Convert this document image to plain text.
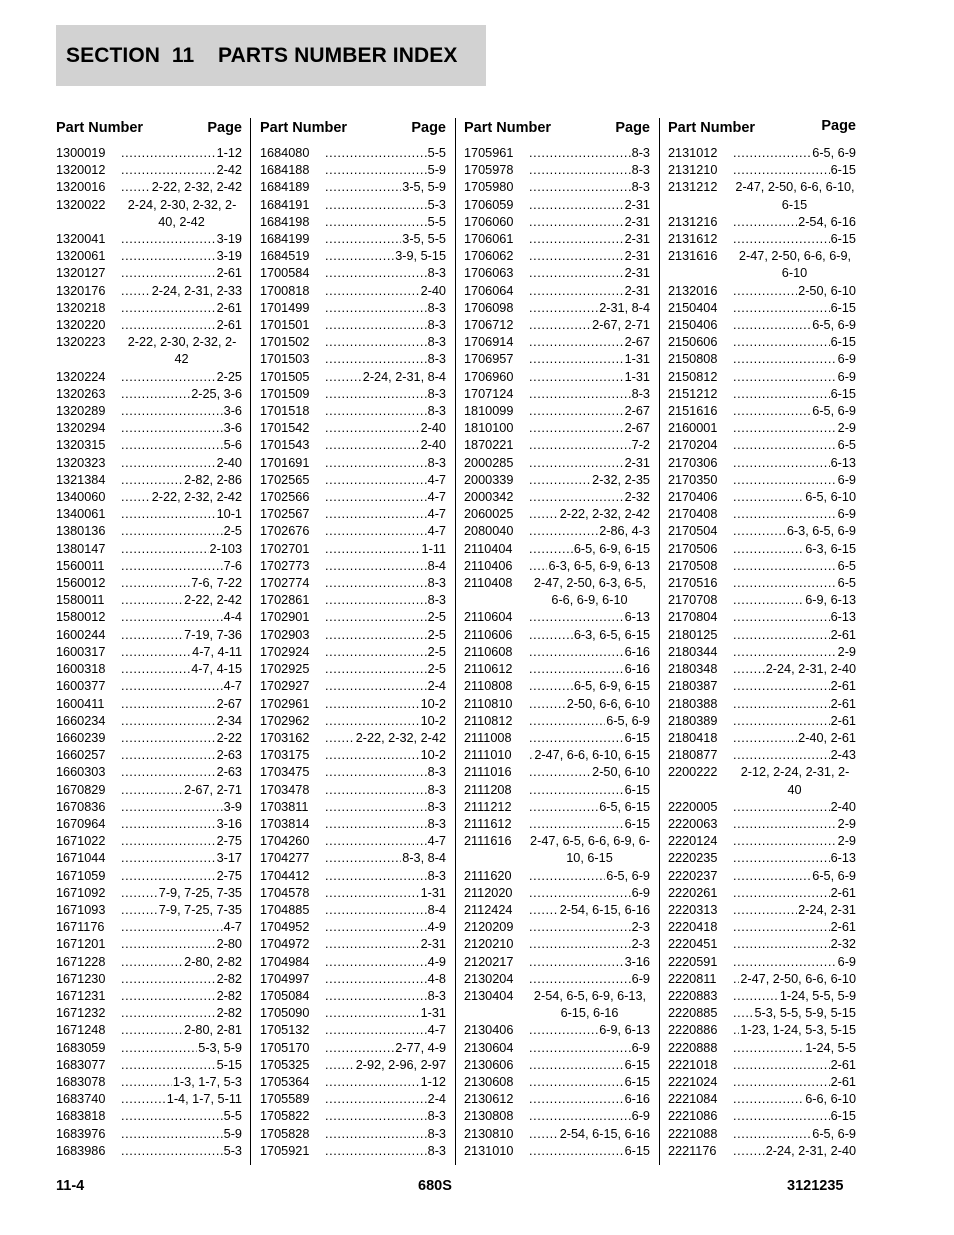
SECTION  11    PARTS NUMBER INDEX
Part Number	Page
1300019 .....	1-12
1320012 .....	2-42
1320016 .....	2-22, 2-32, 2-42
1320022	2-24, 2-30, 2-32, 2-40, 2-42
1320041 .....	3-19
1320061 .....	3-19
1320127 .....	2-61
1320176 .....	2-24, 2-31, 2-33
1320218 .....	2-61
1320220 .....	2-61
1320223	2-22, 2-30, 2-32, 2-42
1320224 .....	2-25
1320263 .....	2-25, 3-6
1320289 .....	3-6
1320294 .....	3-6
1320315 .....	5-6
1320323 .....	2-40
1321384 .....	2-82, 2-86
1340060 .....	2-22, 2-32, 2-42
1340061 .....	10-1
1380136 .....	2-5
1380147 .....	2-103
1560011 .....	7-6
1560012 .....	7-6, 7-22
1580011 .....	2-22, 2-42
1580012 .....	4-4
1600244 .....	7-19, 7-36
1600317 .....	4-7, 4-11
1600318 .....	4-7, 4-15
1600377 .....	4-7
1600411 .....	2-67
1660234 .....	2-34
1660239 .....	2-22
1660257 .....	2-63
1660303 .....	2-63
1670829 .....	2-67, 2-71
1670836 .....	3-9
1670964 .....	3-16
1671022 .....	2-75
1671044 .....	3-17
1671059 .....	2-75
1671092 .....	7-9, 7-25, 7-35
1671093 .....	7-9, 7-25, 7-35
1671176 .....	4-7
1671201 .....	2-80
1671228 .....	2-80, 2-82
1671230 .....	2-82
1671231 .....	2-82
1671232 .....	2-82
1671248 .....	2-80, 2-81
1683059 .....	5-3, 5-9
1683077 .....	5-15
1683078 .....	1-3, 1-7, 5-3
1683740 .....	1-4, 1-7, 5-11
1683818 .....	5-5
1683976 .....	5-9
1683986 .....	5-3
Part Number	Page
1684080 .....	5-5
1684188 .....	5-9
1684189 .....	3-5, 5-9
1684191 .....	5-3
1684198 .....	5-5
1684199 .....	3-5, 5-5
1684519 .....	3-9, 5-15
1700584 .....	8-3
1700818 .....	2-40
1701499 .....	8-3
1701501 .....	8-3
1701502 .....	8-3
1701503 .....	8-3
1701505 .....	2-24, 2-31, 8-4
1701509 .....	8-3
1701518 .....	8-3
1701542 .....	2-40
1701543 .....	2-40
1701691 .....	8-3
1702565 .....	4-7
1702566 .....	4-7
1702567 .....	4-7
1702676 .....	4-7
1702701 .....	1-11
1702773 .....	8-4
1702774 .....	8-3
1702861 .....	8-3
1702901 .....	2-5
1702903 .....	2-5
1702924 .....	2-5
1702925 .....	2-5
1702927 .....	2-4
1702961 .....	10-2
1702962 .....	10-2
1703162 .....	2-22, 2-32, 2-42
1703175 .....	10-2
1703475 .....	8-3
1703478 .....	8-3
1703811 .....	8-3
1703814 .....	8-3
1704260 .....	4-7
1704277 .....	8-3, 8-4
1704412 .....	8-3
1704578 .....	1-31
1704885 .....	8-4
1704952 .....	4-9
1704972 .....	2-31
1704984 .....	4-9
1704997 .....	4-8
1705084 .....	8-3
1705090 .....	1-31
1705132 .....	4-7
1705170 .....	2-77, 4-9
1705325 .....	2-92, 2-96, 2-97
1705364 .....	1-12
1705589 .....	2-4
1705822 .....	8-3
1705828 .....	8-3
1705921 .....	8-3
Part Number	Page
1705961 .....	8-3
1705978 .....	8-3
1705980 .....	8-3
1706059 .....	2-31
1706060 .....	2-31
1706061 .....	2-31
1706062 .....	2-31
1706063 .....	2-31
1706064 .....	2-31
1706098 .....	2-31, 8-4
1706712 .....	2-67, 2-71
1706914 .....	2-67
1706957 .....	1-31
1706960 .....	1-31
1707124 .....	8-3
1810099 .....	2-67
1810100 .....	2-67
1870221 .....	7-2
2000285 .....	2-31
2000339 .....	2-32, 2-35
2000342 .....	2-32
2060025 .....	2-22, 2-32, 2-42
2080040 .....	2-86, 4-3
2110404 .....	6-5, 6-9, 6-15
2110406 .....	6-3, 6-5, 6-9, 6-13
2110408	2-47, 2-50, 6-3, 6-5, 6-6, 6-9, 6-10
2110604 .....	6-13
2110606 .....	6-3, 6-5, 6-15
2110608 .....	6-16
2110612 .....	6-16
2110808 .....	6-5, 6-9, 6-15
2110810 .....	2-50, 6-6, 6-10
2110812 .....	6-5, 6-9
2111008 .....	6-15
2111010 .....	2-47, 6-6, 6-10, 6-15
2111016 .....	2-50, 6-10
2111208 .....	6-15
2111212 .....	6-5, 6-15
2111612 .....	6-15
2111616	2-47, 6-5, 6-6, 6-9, 6-10, 6-15
2111620 .....	6-5, 6-9
2112020 .....	6-9
2112424 .....	2-54, 6-15, 6-16
2120209 .....	2-3
2120210 .....	2-3
2120217 .....	3-16
2130204 .....	6-9
2130404	2-54, 6-5, 6-9, 6-13, 6-15, 6-16
2130406 .....	6-9, 6-13
2130604 .....	6-9
2130606 .....	6-15
2130608 .....	6-15
2130612 .....	6-16
2130808 .....	6-9
2130810 .....	2-54, 6-15, 6-16
2131010 .....	6-15
Part Number	Page
2131012 .....	6-5, 6-9
2131210 .....	6-15
2131212	2-47, 2-50, 6-6, 6-10, 6-15
2131216 .....	2-54, 6-16
2131612 .....	6-15
2131616	2-47, 2-50, 6-6, 6-9, 6-10
2132016 .....	2-50, 6-10
2150404 .....	6-15
2150406 .....	6-5, 6-9
2150606 .....	6-15
2150808 .....	6-9
2150812 .....	6-9
2151212 .....	6-15
2151616 .....	6-5, 6-9
2160001 .....	2-9
2170204 .....	6-5
2170306 .....	6-13
2170350 .....	6-9
2170406 .....	6-5, 6-10
2170408 .....	6-9
2170504 .....	6-3, 6-5, 6-9
2170506 .....	6-3, 6-15
2170508 .....	6-5
2170516 .....	6-5
2170708 .....	6-9, 6-13
2170804 .....	6-13
2180125 .....	2-61
2180344 .....	2-9
2180348 .....	2-24, 2-31, 2-40
2180387 .....	2-61
2180388 .....	2-61
2180389 .....	2-61
2180418 .....	2-40, 2-61
2180877 .....	2-43
2200222	2-12, 2-24, 2-31, 2-40
2220005 .....	2-40
2220063 .....	2-9
2220124 .....	2-9
2220235 .....	6-13
2220237 .....	6-5, 6-9
2220261 .....	2-61
2220313 .....	2-24, 2-31
2220418 .....	2-61
2220451 .....	2-32
2220591 .....	6-9
2220811 .....	2-47, 2-50, 6-6, 6-10
2220883 .....	1-24, 5-5, 5-9
2220885 .....	5-3, 5-5, 5-9, 5-15
2220886 .....	1-23, 1-24, 5-3, 5-15
2220888 .....	1-24, 5-5
2221018 .....	2-61
2221024 .....	2-61
2221084 .....	6-6, 6-10
2221086 .....	6-15
2221088 .....	6-5, 6-9
2221176 .....	2-24, 2-31, 2-40
11-4	680S	3121235
